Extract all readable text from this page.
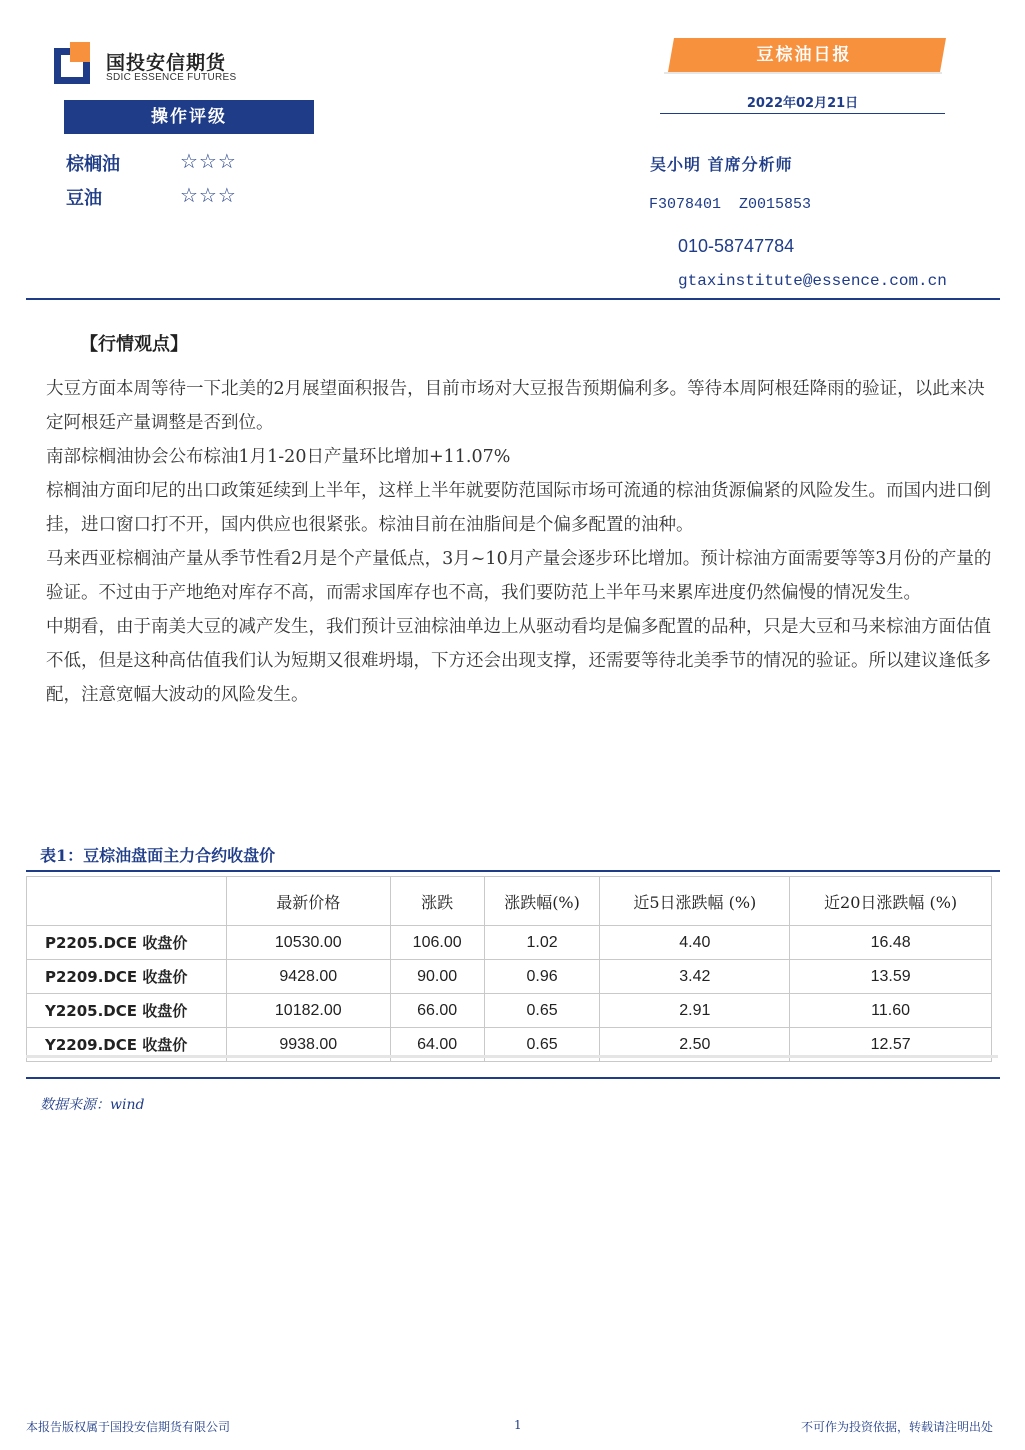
国投安信期货
SDIC ESSENCE FUTURES
豆棕油日报
2022年02月21日
操作评级
棕榈油	☆☆☆
豆油	☆☆☆
吴小明 首席分析师
F3078401  Z0015853
010-58747784
gtaxinstitute@essence.com.cn
【行情观点】

大豆方面本周等待一下北美的2月展望面积报告，目前市场对大豆报告预期偏利多。等待本周阿根廷降雨的验证，以此来决定阿根廷产量调整是否到位。

南部棕榈油协会公布棕油1月1-20日产量环比增加+11.07%

棕榈油方面印尼的出口政策延续到上半年，这样上半年就要防范国际市场可流通的棕油货源偏紧的风险发生。而国内进口倒挂，进口窗口打不开，国内供应也很紧张。棕油目前在油脂间是个偏多配置的油种。

马来西亚棕榈油产量从季节性看2月是个产量低点，3月~10月产量会逐步环比增加。预计棕油方面需要等等3月份的产量的验证。不过由于产地绝对库存不高，而需求国库存也不高，我们要防范上半年马来累库进度仍然偏慢的情况发生。

中期看，由于南美大豆的减产发生，我们预计豆油棕油单边上从驱动看均是偏多配置的品种，只是大豆和马来棕油方面估值不低，但是这种高估值我们认为短期又很难坍塌，下方还会出现支撑，还需要等待北美季节的情况的验证。所以建议逢低多配，注意宽幅大波动的风险发生。

表1：豆棕油盘面主力合约收盘价
	最新价格	涨跌	涨跌幅(%)	近5日涨跌幅 (%)	近20日涨跌幅 (%)
P2205.DCE 收盘价	10530.00	106.00	1.02	4.40	16.48
P2209.DCE 收盘价	9428.00	90.00	0.96	3.42	13.59
Y2205.DCE 收盘价	10182.00	66.00	0.65	2.91	11.60
Y2209.DCE 收盘价	9938.00	64.00	0.65	2.50	12.57
数据来源：wind
本报告版权属于国投安信期货有限公司	1	不可作为投资依据，转载请注明出处
